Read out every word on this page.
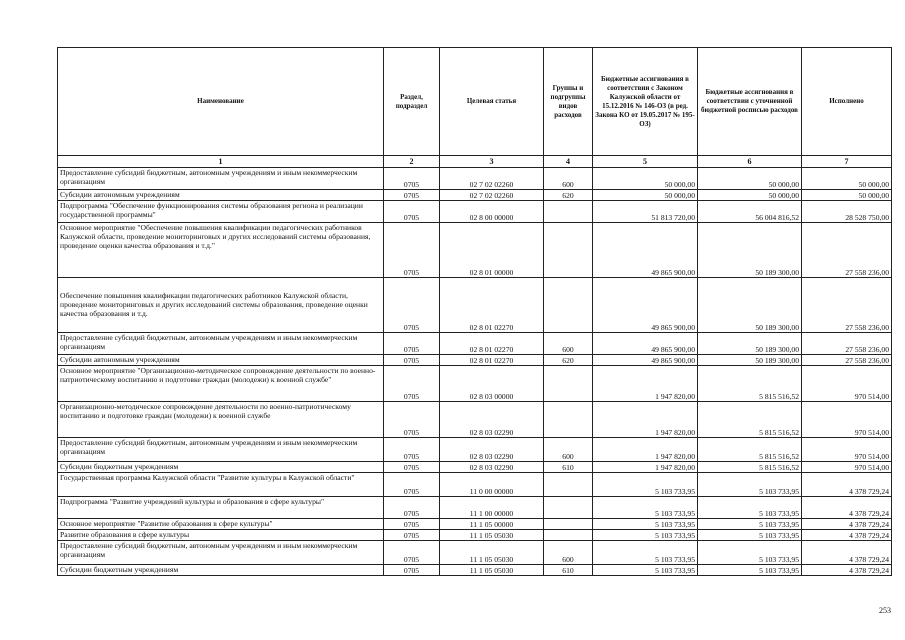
Наименование	Раздел, подраздел	Целевая статья	Группы и подгруппы видов расходов	Бюджетные ассигнования в соответствии с Законом Калужской области от 15.12.2016 № 146-ОЗ (в ред. Закона КО от 19.05.2017 № 195-ОЗ)	Бюджетные ассигнования в соответствии с уточненной бюджетной росписью расходов	Исполнено
1	2	3	4	5	6	7
Предоставление субсидий бюджетным, автономным учреждениям и иным некоммерческим организациям	0705	02 7 02 02260	600	50 000,00	50 000,00	50 000,00
Субсидии автономным учреждениям	0705	02 7 02 02260	620	50 000,00	50 000,00	50 000,00
Подпрограмма "Обеспечение функционирования системы образования региона и реализации государственной программы"	0705	02 8 00 00000		51 813 720,00	56 004 816,52	28 528 750,00
Основное мероприятие "Обеспечение повышения квалификации педагогических работников Калужской области, проведение мониторинговых и других исследований системы образования, проведение оценки качества образования и т.д."	0705	02 8 01 00000		49 865 900,00	50 189 300,00	27 558 236,00
Обеспечение повышения квалификации педагогических работников Калужской области, проведение мониторинговых и других исследований системы образования, проведение оценки качества образования и т.д.	0705	02 8 01 02270		49 865 900,00	50 189 300,00	27 558 236,00
Предоставление субсидий бюджетным, автономным учреждениям и иным некоммерческим организациям	0705	02 8 01 02270	600	49 865 900,00	50 189 300,00	27 558 236,00
Субсидии автономным учреждениям	0705	02 8 01 02270	620	49 865 900,00	50 189 300,00	27 558 236,00
Основное мероприятие "Организационно-методическое сопровождение деятельности по военно-патриотическому воспитанию и подготовке граждан (молодежи) к военной службе"	0705	02 8 03 00000		1 947 820,00	5 815 516,52	970 514,00
Организационно-методическое сопровождение деятельности по военно-патриотическому воспитанию и подготовке граждан (молодежи) к военной службе	0705	02 8 03 02290		1 947 820,00	5 815 516,52	970 514,00
Предоставление субсидий бюджетным, автономным учреждениям и иным некоммерческим организациям	0705	02 8 03 02290	600	1 947 820,00	5 815 516,52	970 514,00
Субсидии бюджетным учреждениям	0705	02 8 03 02290	610	1 947 820,00	5 815 516,52	970 514,00
Государственная программа Калужской области "Развитие культуры в Калужской области"	0705	11 0 00 00000		5 103 733,95	5 103 733,95	4 378 729,24
Подпрограмма "Развитие учреждений культуры и образования в сфере культуры"	0705	11 1 00 00000		5 103 733,95	5 103 733,95	4 378 729,24
Основное мероприятие "Развитие образования в сфере культуры"	0705	11 1 05 00000		5 103 733,95	5 103 733,95	4 378 729,24
Развитие образования в сфере культуры	0705	11 1 05 05030		5 103 733,95	5 103 733,95	4 378 729,24
Предоставление субсидий бюджетным, автономным учреждениям и иным некоммерческим организациям	0705	11 1 05 05030	600	5 103 733,95	5 103 733,95	4 378 729,24
Субсидии бюджетным учреждениям	0705	11 1 05 05030	610	5 103 733,95	5 103 733,95	4 378 729,24
253
